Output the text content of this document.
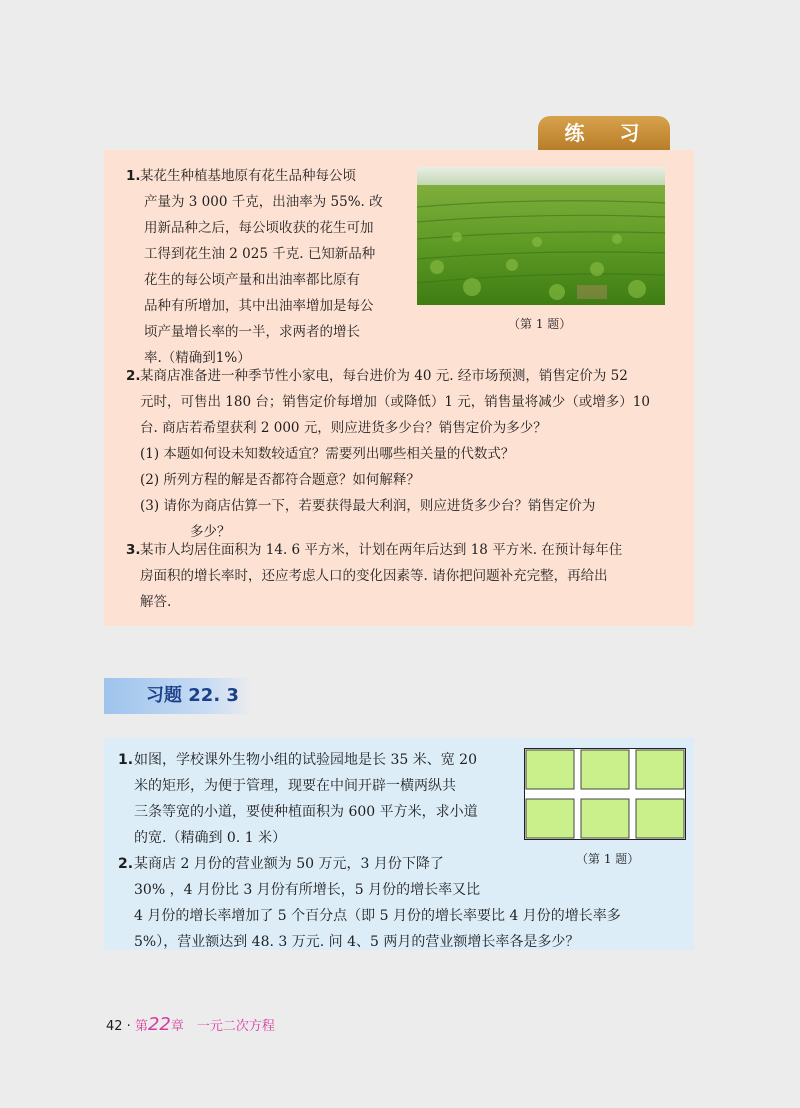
练 习
1. 某花生种植基地原有花生品种每公顷

产量为 3 000 千克，出油率为 55%. 改

用新品种之后，每公顷收获的花生可加

工得到花生油 2 025 千克. 已知新品种

花生的每公顷产量和出油率都比原有

品种有所增加，其中出油率增加是每公

顷产量增长率的一半，求两者的增长

率.（精确到1%）

（第 1 题）
2. 某商店准备进一种季节性小家电，每台进价为 40 元. 经市场预测，销售定价为 52

元时，可售出 180 台；销售定价每增加（或降低）1 元，销售量将减少（或增多）10

台. 商店若希望获利 2 000 元，则应进货多少台？销售定价为多少？

(1) 本题如何设未知数较适宜？需要列出哪些相关量的代数式？

(2) 所列方程的解是否都符合题意？如何解释？

(3) 请你为商店估算一下，若要获得最大利润，则应进货多少台？销售定价为

多少？

3. 某市人均居住面积为 14. 6 平方米，计划在两年后达到 18 平方米. 在预计每年住

房面积的增长率时，还应考虑人口的变化因素等. 请你把问题补充完整，再给出

解答.

习题 22. 3
1. 如图，学校课外生物小组的试验园地是长 35 米、宽 20

米的矩形，为便于管理，现要在中间开辟一横两纵共

三条等宽的小道，要使种植面积为 600 平方米，求小道

的宽.（精确到 0. 1 米）

（第 1 题）
2. 某商店 2 月份的营业额为 50 万元，3 月份下降了

30% ，4 月份比 3 月份有所增长，5 月份的增长率又比

4 月份的增长率增加了 5 个百分点（即 5 月份的增长率要比 4 月份的增长率多

5%），营业额达到 48. 3 万元. 问 4、5 两月的营业额增长率各是多少？

42 · 第22章　一元二次方程
